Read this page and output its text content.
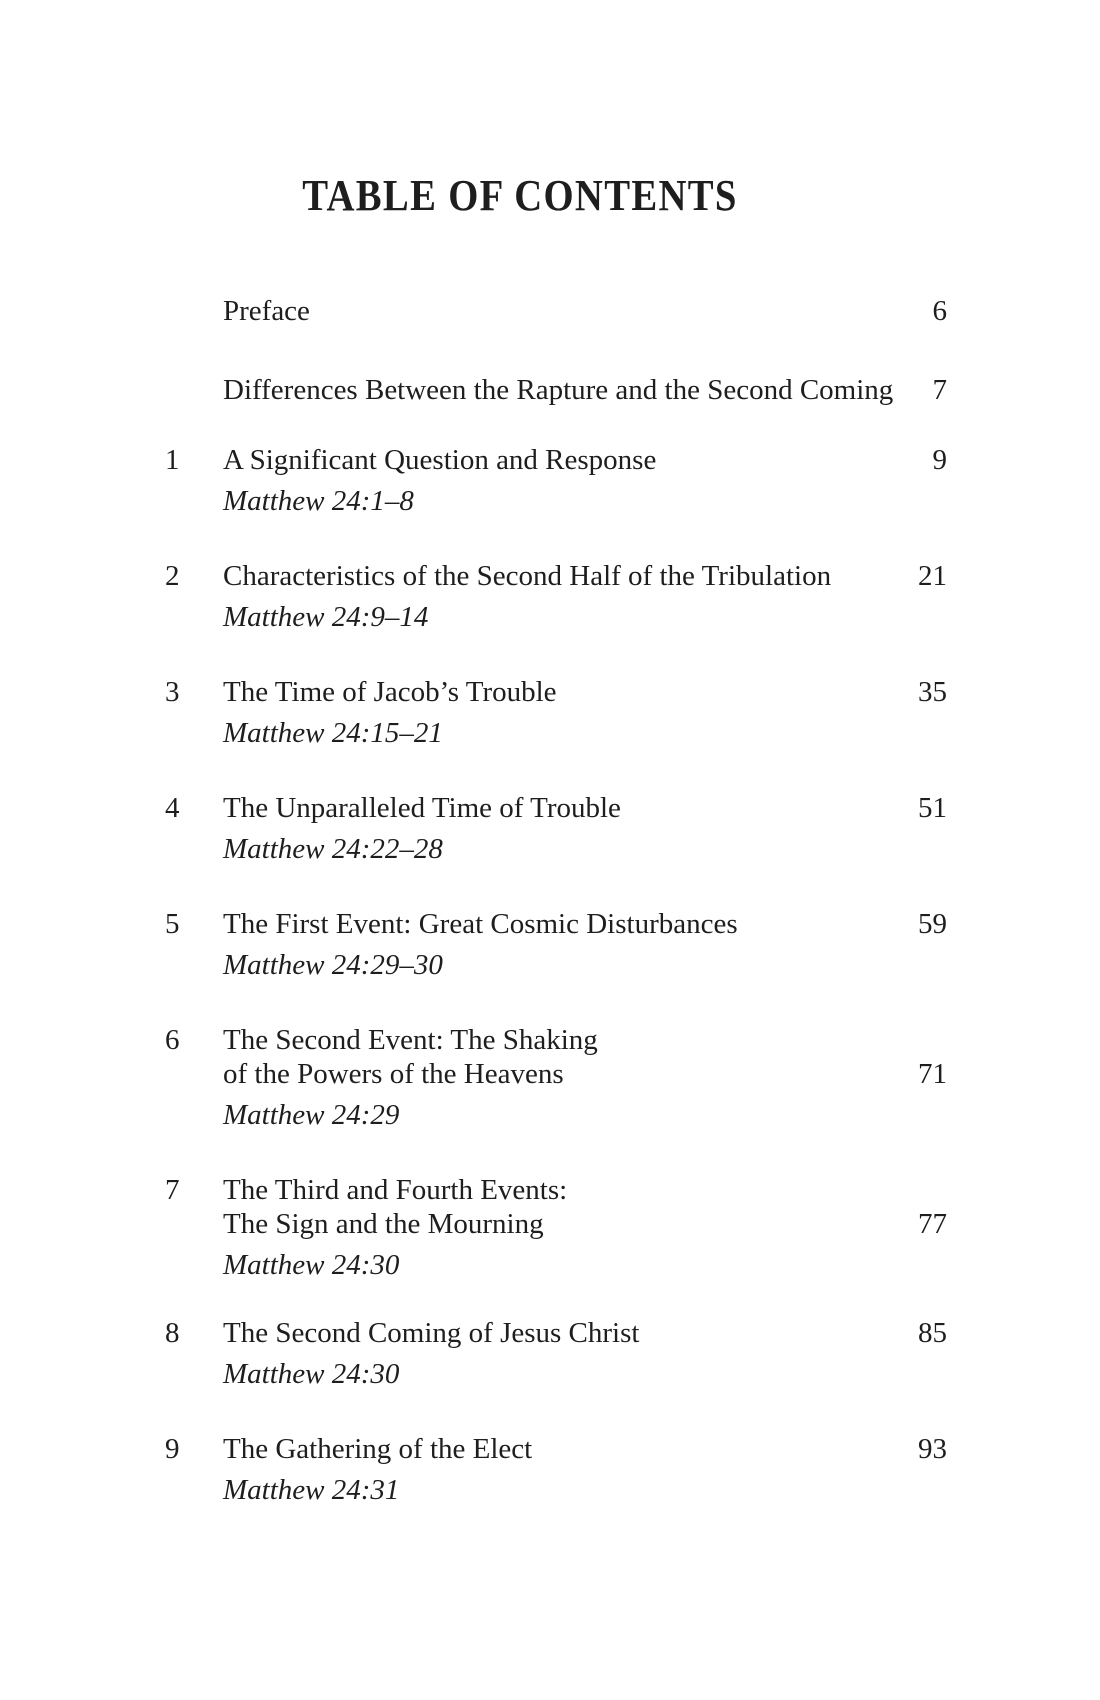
TABLE OF CONTENTS
Preface	6
Differences Between the Rapture and the Second Coming	7
1	A Significant Question and Response	9
Matthew 24:1–8
2	Characteristics of the Second Half of the Tribulation	21
Matthew 24:9–14
3	The Time of Jacob’s Trouble	35
Matthew 24:15–21
4	The Unparalleled Time of Trouble	51
Matthew 24:22–28
5	The First Event: Great Cosmic Disturbances	59
Matthew 24:29–30
6	The Second Event: The Shaking
of the Powers of the Heavens	71
Matthew 24:29
7	The Third and Fourth Events:
The Sign and the Mourning	77
Matthew 24:30
8	The Second Coming of Jesus Christ	85
Matthew 24:30
9	The Gathering of the Elect	93
Matthew 24:31
